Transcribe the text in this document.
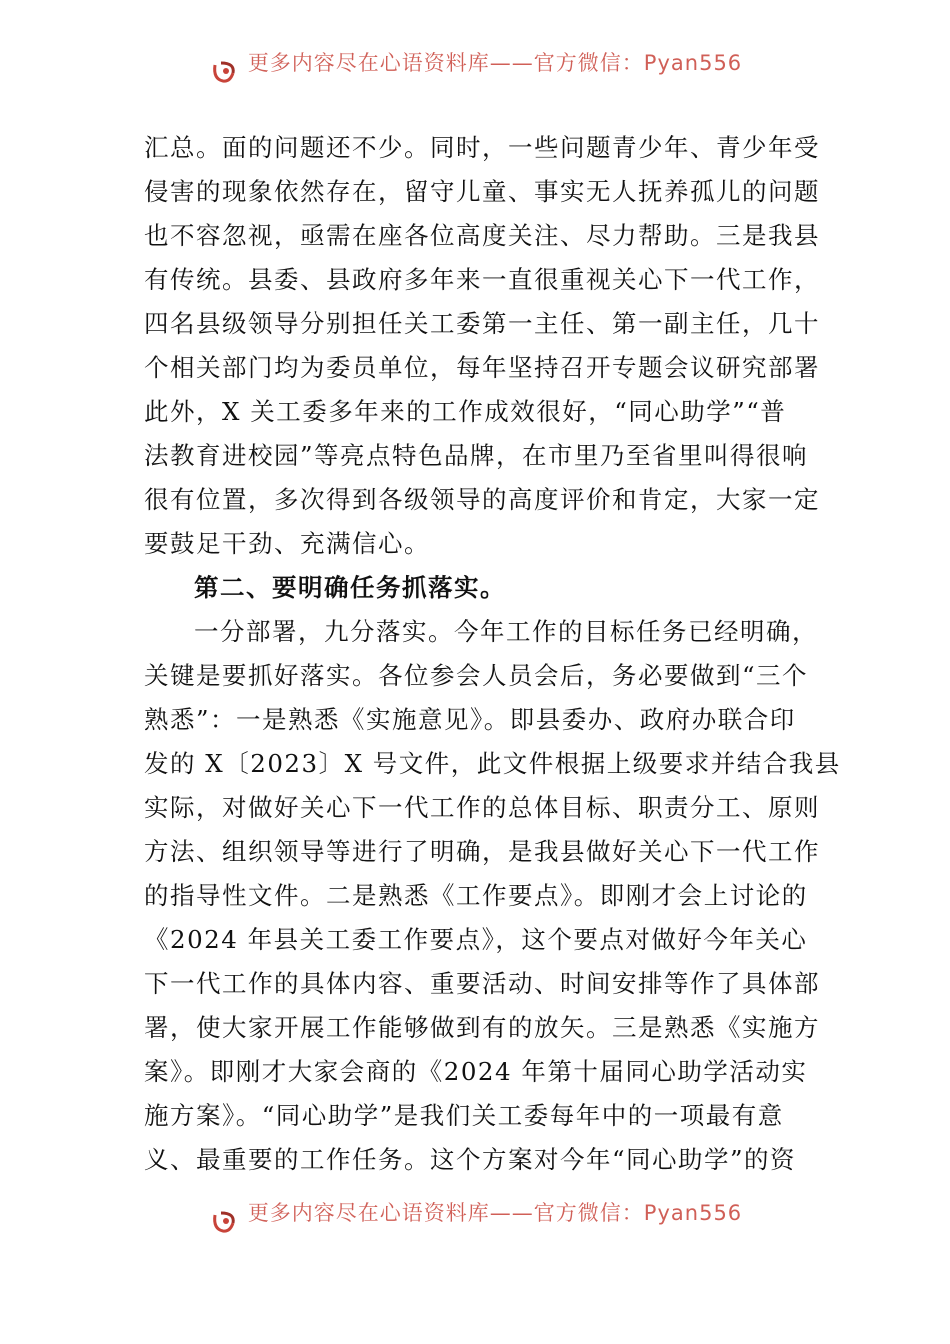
更多内容尽在心语资料库——官方微信：Pyan556

汇总。面的问题还不少。同时，一些问题青少年、青少年受
侵害的现象依然存在，留守儿童、事实无人抚养孤儿的问题
也不容忽视，亟需在座各位高度关注、尽力帮助。三是我县
有传统。县委、县政府多年来一直很重视关心下一代工作，
四名县级领导分别担任关工委第一主任、第一副主任，几十
个相关部门均为委员单位，每年坚持召开专题会议研究部署
此外，X 关工委多年来的工作成效很好，“同心助学”“普
法教育进校园”等亮点特色品牌，在市里乃至省里叫得很响
很有位置，多次得到各级领导的高度评价和肯定，大家一定
要鼓足干劲、充满信心。

第二、要明确任务抓落实。

一分部署，九分落实。今年工作的目标任务已经明确，
关键是要抓好落实。各位参会人员会后，务必要做到“三个
熟悉”：一是熟悉《实施意见》。即县委办、政府办联合印
发的 X〔2023〕X 号文件，此文件根据上级要求并结合我县
实际，对做好关心下一代工作的总体目标、职责分工、原则
方法、组织领导等进行了明确，是我县做好关心下一代工作
的指导性文件。二是熟悉《工作要点》。即刚才会上讨论的
《2024 年县关工委工作要点》，这个要点对做好今年关心
下一代工作的具体内容、重要活动、时间安排等作了具体部
署，使大家开展工作能够做到有的放矢。三是熟悉《实施方
案》。即刚才大家会商的《2024 年第十届同心助学活动实
施方案》。“同心助学”是我们关工委每年中的一项最有意
义、最重要的工作任务。这个方案对今年“同心助学”的资

更多内容尽在心语资料库——官方微信：Pyan556
